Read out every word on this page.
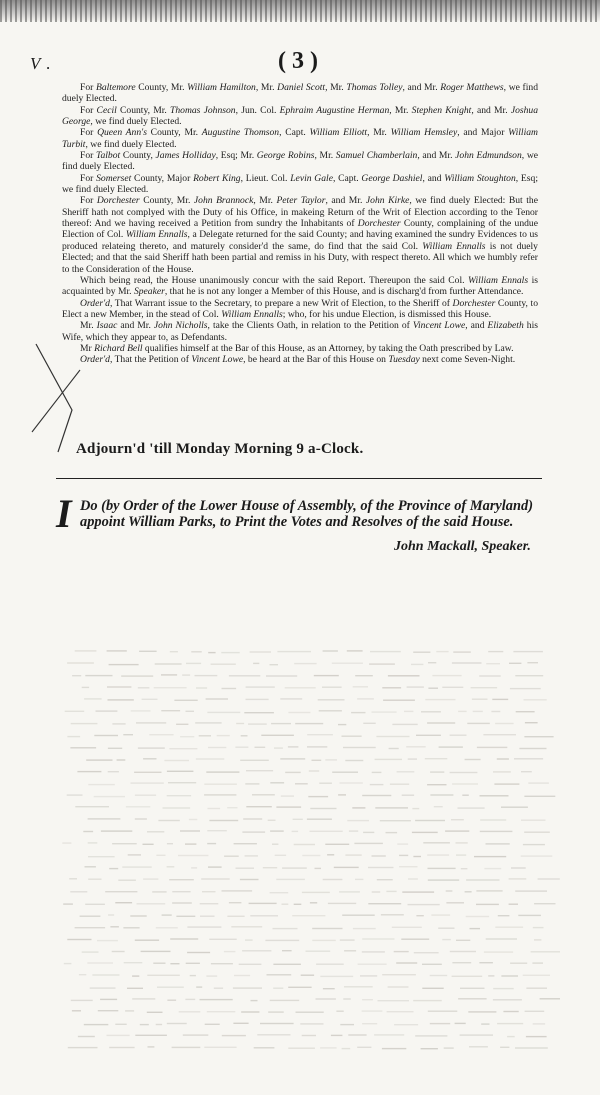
V .	( 3 )

For Baltemore County, Mr. William Hamilton, Mr. Daniel Scott, Mr. Thomas Tolley, and Mr. Roger Matthews, we find duely Elected.

For Cecil County, Mr. Thomas Johnson, Jun. Col. Ephraim Augustine Herman, Mr. Stephen Knight, and Mr. Joshua George, we find duely Elected.

For Queen Ann's County, Mr. Augustine Thomson, Capt. William Elliott, Mr. William Hemsley, and Major William Turbit, we find duely Elected.

For Talbot County, James Holliday, Esq; Mr. George Robins, Mr. Samuel Chamberlain, and Mr. John Edmundson, we find duely Elected.

For Somerset County, Major Robert King, Lieut. Col. Levin Gale, Capt. George Dashiel, and William Stoughton, Esq; we find duely Elected.

For Dorchester County, Mr. John Brannock, Mr. Peter Taylor, and Mr. John Kirke, we find duely Elected: But the Sheriff hath not complyed with the Duty of his Office, in makeing Return of the Writ of Election according to the Tenor thereof: And we having received a Petition from sundry the Inhabitants of Dorchester County, complaining of the undue Election of Col. William Ennalls, a Delegate returned for the said County; and having examined the sundry Evidences to us produced relateing thereto, and maturely consider'd the same, do find that the said Col. William Ennalls is not duely Elected; and that the said Sheriff hath been partial and remiss in his Duty, with respect thereto. All which we humbly refer to the Consideration of the House.

Which being read, the House unanimously concur with the said Report. Thereupon the said Col. William Ennals is acquainted by Mr. Speaker, that he is not any longer a Member of this House, and is discharg'd from further Attendance.

Order'd, That Warrant issue to the Secretary, to prepare a new Writ of Election, to the Sheriff of Dorchester County, to Elect a new Member, in the stead of Col. William Ennalls; who, for his undue Election, is dismissed this House.

Mr. Isaac and Mr. John Nicholls, take the Clients Oath, in relation to the Petition of Vincent Lowe, and Elizabeth his Wife, which they appear to, as Defendants.

Mr Richard Bell qualifies himself at the Bar of this House, as an Attorney, by taking the Oath prescribed by Law.

Order'd, That the Petition of Vincent Lowe, be heard at the Bar of this House on Tuesday next come Seven-Night.

Adjourn'd 'till Monday Morning 9 a-Clock.
I Do (by Order of the Lower House of Assembly, of the Province of Maryland)
appoint William Parks, to Print the Votes and Resolves of the said House.
John Mackall, Speaker.
